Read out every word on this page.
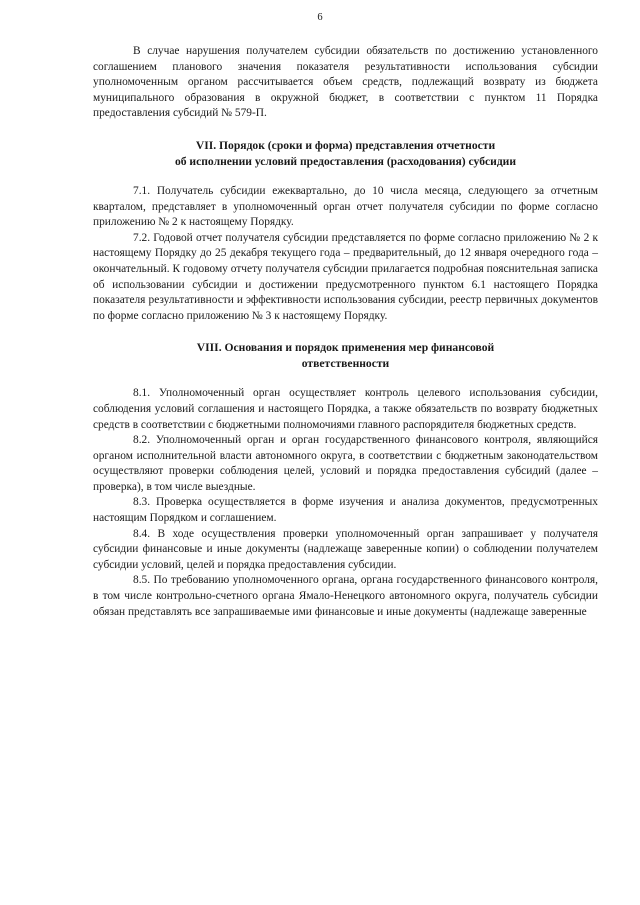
6

В случае нарушения получателем субсидии обязательств по достижению установленного соглашением планового значения показателя результативности использования субсидии уполномоченным органом рассчитывается объем средств, подлежащий возврату из бюджета муниципального образования в окружной бюджет, в соответствии с пунктом 11 Порядка предоставления субсидий № 579-П.

VII. Порядок (сроки и форма) представления отчетности
об исполнении условий предоставления (расходования) субсидии

7.1. Получатель субсидии ежеквартально, до 10 числа месяца, следующего за отчетным кварталом, представляет в уполномоченный орган отчет получателя субсидии по форме согласно приложению № 2 к настоящему Порядку.

7.2. Годовой отчет получателя субсидии представляется по форме согласно приложению № 2 к настоящему Порядку до 25 декабря текущего года – предварительный, до 12 января очередного года – окончательный. К годовому отчету получателя субсидии прилагается подробная пояснительная записка об использовании субсидии и достижении предусмотренного пунктом 6.1 настоящего Порядка показателя результативности и эффективности использования субсидии, реестр первичных документов по форме согласно приложению № 3 к настоящему Порядку.

VIII. Основания и порядок применения мер финансовой
ответственности

8.1. Уполномоченный орган осуществляет контроль целевого использования субсидии, соблюдения условий соглашения и настоящего Порядка, а также обязательств по возврату бюджетных средств в соответствии с бюджетными полномочиями главного распорядителя бюджетных средств.

8.2. Уполномоченный орган и орган государственного финансового контроля, являющийся органом исполнительной власти автономного округа, в соответствии с бюджетным законодательством осуществляют проверки соблюдения целей, условий и порядка предоставления субсидий (далее – проверка), в том числе выездные.

8.3. Проверка осуществляется в форме изучения и анализа документов, предусмотренных настоящим Порядком и соглашением.

8.4. В ходе осуществления проверки уполномоченный орган запрашивает у получателя субсидии финансовые и иные документы (надлежаще заверенные копии) о соблюдении получателем субсидии условий, целей и порядка предоставления субсидии.

8.5. По требованию уполномоченного органа, органа государственного финансового контроля, в том числе контрольно-счетного органа Ямало-Ненецкого автономного округа, получатель субсидии обязан представлять все запрашиваемые ими финансовые и иные документы (надлежаще заверенные
